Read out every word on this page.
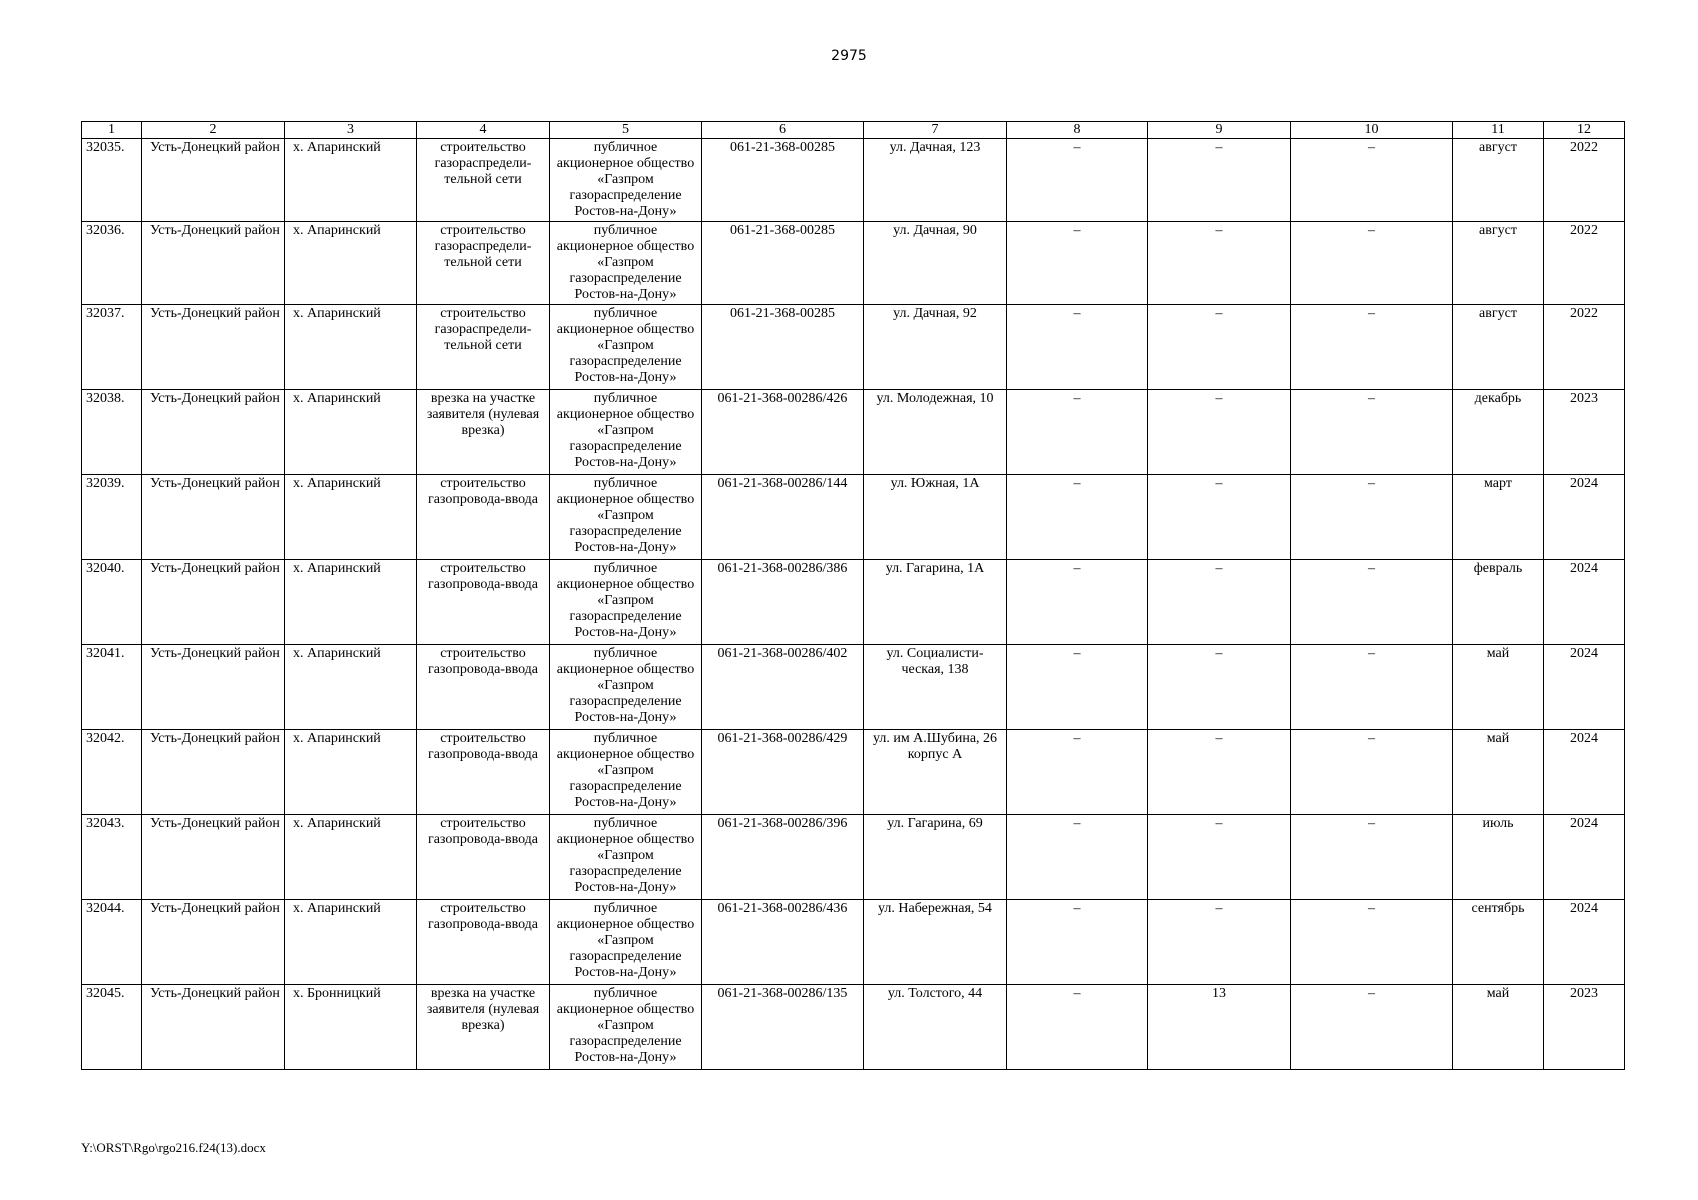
2975
1	2	3	4	5	6	7	8	9	10	11	12
32035.	Усть-Донецкий район	х. Апаринский	строительство газораспредели-тельной сети	публичное акционерное общество «Газпром газораспределение Ростов-на-Дону»	061-21-368-00285	ул. Дачная, 123	–	–	–	август	2022
32036.	Усть-Донецкий район	х. Апаринский	строительство газораспредели-тельной сети	публичное акционерное общество «Газпром газораспределение Ростов-на-Дону»	061-21-368-00285	ул. Дачная, 90	–	–	–	август	2022
32037.	Усть-Донецкий район	х. Апаринский	строительство газораспредели-тельной сети	публичное акционерное общество «Газпром газораспределение Ростов-на-Дону»	061-21-368-00285	ул. Дачная, 92	–	–	–	август	2022
32038.	Усть-Донецкий район	х. Апаринский	врезка на участке заявителя (нулевая врезка)	публичное акционерное общество «Газпром газораспределение Ростов-на-Дону»	061-21-368-00286/426	ул. Молодежная, 10	–	–	–	декабрь	2023
32039.	Усть-Донецкий район	х. Апаринский	строительство газопровода-ввода	публичное акционерное общество «Газпром газораспределение Ростов-на-Дону»	061-21-368-00286/144	ул. Южная, 1А	–	–	–	март	2024
32040.	Усть-Донецкий район	х. Апаринский	строительство газопровода-ввода	публичное акционерное общество «Газпром газораспределение Ростов-на-Дону»	061-21-368-00286/386	ул. Гагарина, 1А	–	–	–	февраль	2024
32041.	Усть-Донецкий район	х. Апаринский	строительство газопровода-ввода	публичное акционерное общество «Газпром газораспределение Ростов-на-Дону»	061-21-368-00286/402	ул. Социалисти-ческая, 138	–	–	–	май	2024
32042.	Усть-Донецкий район	х. Апаринский	строительство газопровода-ввода	публичное акционерное общество «Газпром газораспределение Ростов-на-Дону»	061-21-368-00286/429	ул. им А.Шубина, 26 корпус А	–	–	–	май	2024
32043.	Усть-Донецкий район	х. Апаринский	строительство газопровода-ввода	публичное акционерное общество «Газпром газораспределение Ростов-на-Дону»	061-21-368-00286/396	ул. Гагарина, 69	–	–	–	июль	2024
32044.	Усть-Донецкий район	х. Апаринский	строительство газопровода-ввода	публичное акционерное общество «Газпром газораспределение Ростов-на-Дону»	061-21-368-00286/436	ул. Набережная, 54	–	–	–	сентябрь	2024
32045.	Усть-Донецкий район	х. Бронницкий	врезка на участке заявителя (нулевая врезка)	публичное акционерное общество «Газпром газораспределение Ростов-на-Дону»	061-21-368-00286/135	ул. Толстого, 44	–	13	–	май	2023
Y:\ORST\Rgo\rgo216.f24(13).docx
